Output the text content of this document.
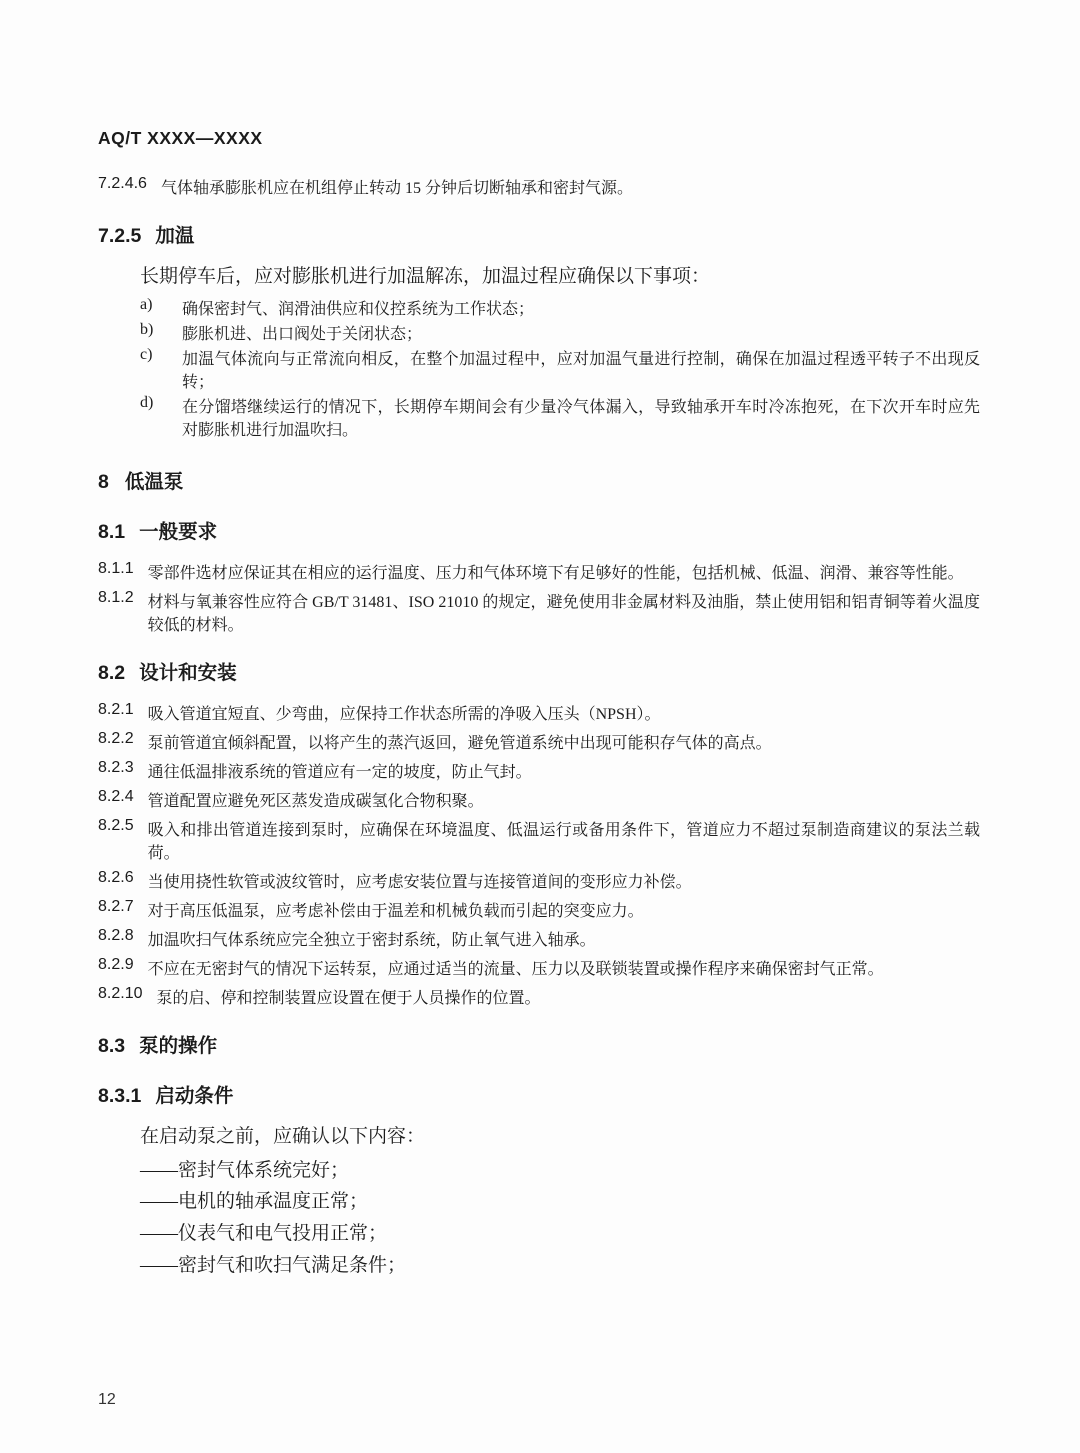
AQ/T XXXX—XXXX
7.2.4.6 气体轴承膨胀机应在机组停止转动 15 分钟后切断轴承和密封气源。
7.2.5 加温

长期停车后，应对膨胀机进行加温解冻，加温过程应确保以下事项：

a)	确保密封气、润滑油供应和仪控系统为工作状态；
b)	膨胀机进、出口阀处于关闭状态；
c)	加温气体流向与正常流向相反，在整个加温过程中，应对加温气量进行控制，确保在加温过程透平转子不出现反转；
d)	在分馏塔继续运行的情况下，长期停车期间会有少量冷气体漏入，导致轴承开车时冷冻抱死，在下次开车时应先对膨胀机进行加温吹扫。
8 低温泵
8.1 一般要求
8.1.1 零部件选材应保证其在相应的运行温度、压力和气体环境下有足够好的性能，包括机械、低温、润滑、兼容等性能。
8.1.2 材料与氧兼容性应符合 GB/T 31481、ISO 21010 的规定，避免使用非金属材料及油脂，禁止使用铝和铝青铜等着火温度较低的材料。
8.2 设计和安装
8.2.1 吸入管道宜短直、少弯曲，应保持工作状态所需的净吸入压头（NPSH）。
8.2.2 泵前管道宜倾斜配置，以将产生的蒸汽返回，避免管道系统中出现可能积存气体的高点。
8.2.3 通往低温排液系统的管道应有一定的坡度，防止气封。
8.2.4 管道配置应避免死区蒸发造成碳氢化合物积聚。
8.2.5 吸入和排出管道连接到泵时，应确保在环境温度、低温运行或备用条件下，管道应力不超过泵制造商建议的泵法兰载荷。
8.2.6 当使用挠性软管或波纹管时，应考虑安装位置与连接管道间的变形应力补偿。
8.2.7 对于高压低温泵，应考虑补偿由于温差和机械负载而引起的突变应力。
8.2.8 加温吹扫气体系统应完全独立于密封系统，防止氧气进入轴承。
8.2.9 不应在无密封气的情况下运转泵，应通过适当的流量、压力以及联锁装置或操作程序来确保密封气正常。
8.2.10 泵的启、停和控制装置应设置在便于人员操作的位置。
8.3 泵的操作
8.3.1 启动条件

在启动泵之前，应确认以下内容：

——密封气体系统完好；

——电机的轴承温度正常；

——仪表气和电气投用正常；

——密封气和吹扫气满足条件；

12
